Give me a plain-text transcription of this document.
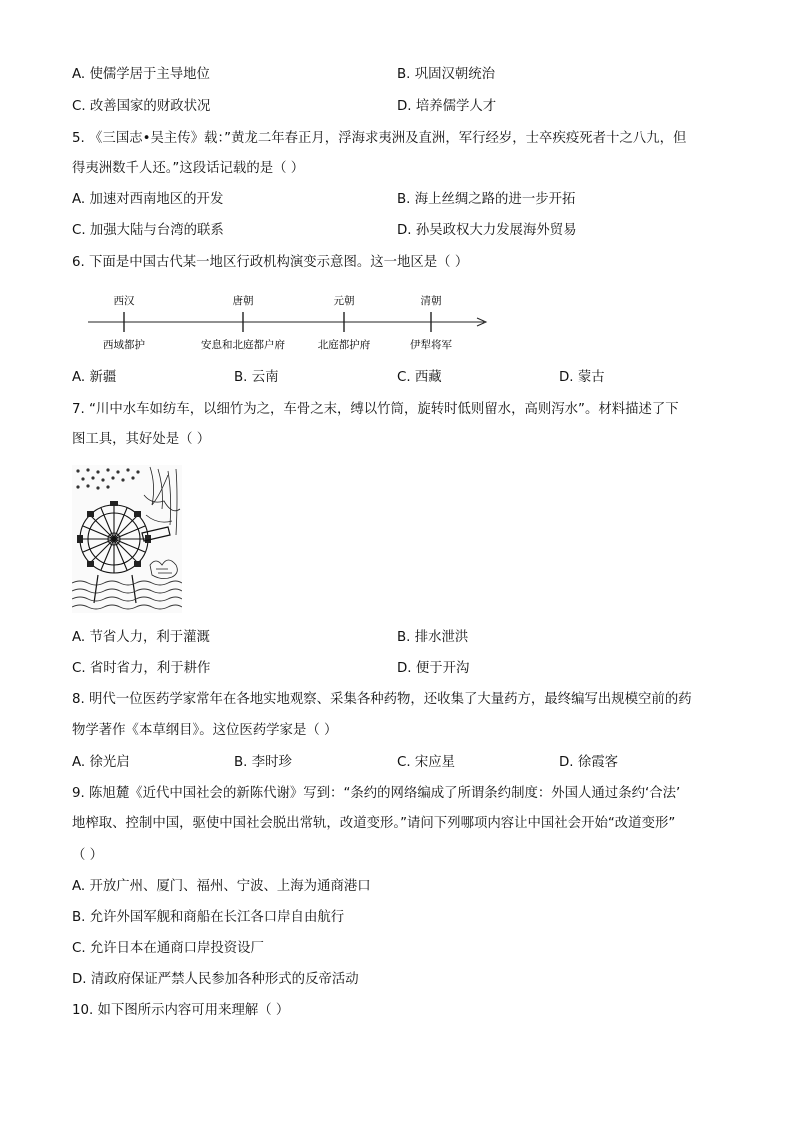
A. 使儒学居于主导地位	B. 巩固汉朝统治
C. 改善国家的财政状况	D. 培养儒学人才
5. 《三国志•吴主传》载：”黄龙二年春正月，浮海求夷洲及直洲，军行经岁，士卒疾疫死者十之八九，但
得夷洲数千人还。”这段话记载的是（ ）
A. 加速对西南地区的开发	B. 海上丝绸之路的进一步开拓
C. 加强大陆与台湾的联系	D. 孙吴政权大力发展海外贸易
6. 下面是中国古代某一地区行政机构演变示意图。这一地区是（ ）
西汉	唐朝	元朝	清朝
西域都护	安息和北庭都户府	北庭都护府	伊犁将军
A. 新疆	B. 云南	C. 西藏	D. 蒙古
7. “川中水车如纺车，以细竹为之，车骨之末，缚以竹筒，旋转时低则留水，高则泻水”。材料描述了下
图工具，其好处是（ ）
A. 节省人力，利于灌溉	B. 排水泄洪
C. 省时省力，利于耕作	D. 便于开沟
8. 明代一位医药学家常年在各地实地观察、采集各种药物，还收集了大量药方，最终编写出规模空前的药
物学著作《本草纲目》。这位医药学家是（ ）
A. 徐光启	B. 李时珍	C. 宋应星	D. 徐霞客
9. 陈旭麓《近代中国社会的新陈代谢》写到：“条约的网络编成了所谓条约制度：外国人通过条约‘合法’
地榨取、控制中国，驱使中国社会脱出常轨，改道变形。”请问下列哪项内容让中国社会开始“改道变形”
（ ）
A. 开放广州、厦门、福州、宁波、上海为通商港口
B. 允许外国军舰和商船在长江各口岸自由航行
C. 允许日本在通商口岸投资设厂
D. 清政府保证严禁人民参加各种形式的反帝活动
10. 如下图所示内容可用来理解（ ）
